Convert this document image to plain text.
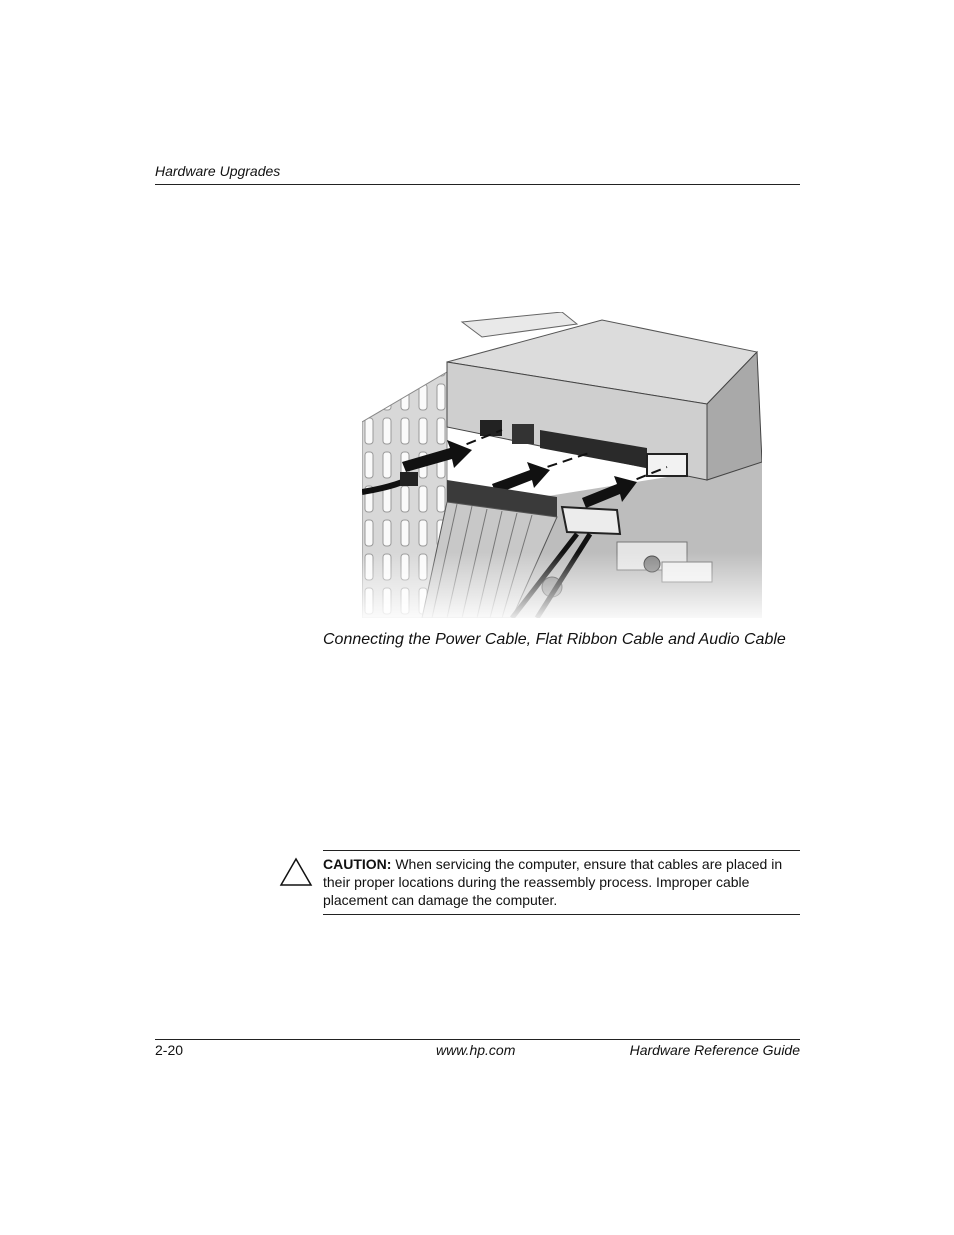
Hardware Upgrades
Connecting the Power Cable, Flat Ribbon Cable and Audio Cable
CAUTION: When servicing the computer, ensure that cables are placed in their proper locations during the reassembly process. Improper cable placement can damage the computer.
2-20	www.hp.com	Hardware Reference Guide
